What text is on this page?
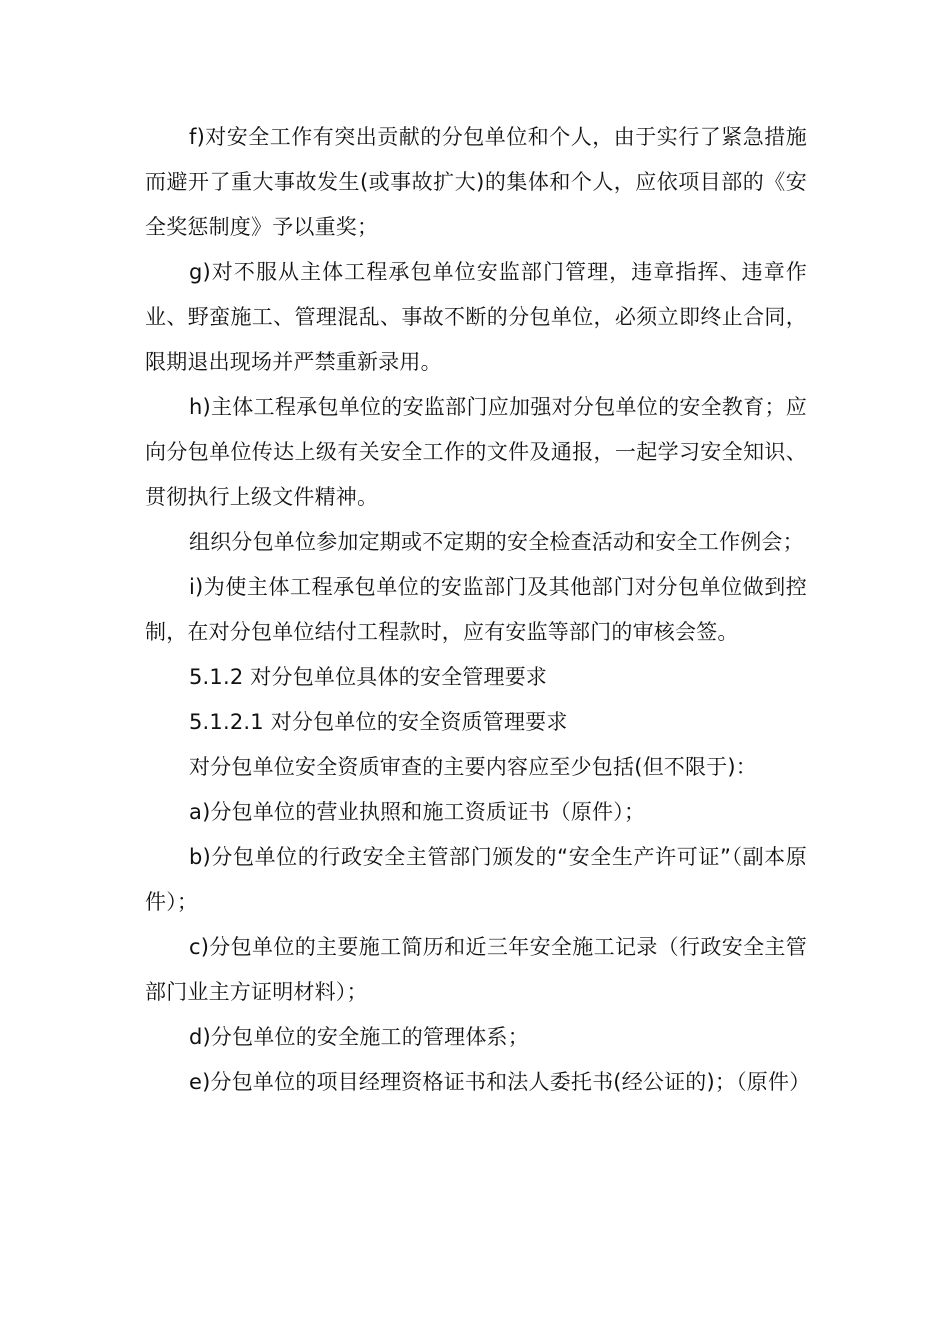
f)对安全工作有突出贡献的分包单位和个人，由于实行了紧急措施而避开了重大事故发生(或事故扩大)的集体和个人，应依项目部的《安全奖惩制度》予以重奖；

g)对不服从主体工程承包单位安监部门管理，违章指挥、违章作业、野蛮施工、管理混乱、事故不断的分包单位，必须立即终止合同，限期退出现场并严禁重新录用。

h)主体工程承包单位的安监部门应加强对分包单位的安全教育；应向分包单位传达上级有关安全工作的文件及通报，一起学习安全知识、贯彻执行上级文件精神。

组织分包单位参加定期或不定期的安全检查活动和安全工作例会；

i)为使主体工程承包单位的安监部门及其他部门对分包单位做到控制，在对分包单位结付工程款时，应有安监等部门的审核会签。

5.1.2 对分包单位具体的安全管理要求

5.1.2.1 对分包单位的安全资质管理要求

对分包单位安全资质审查的主要内容应至少包括(但不限于)：

a)分包单位的营业执照和施工资质证书（原件）；

b)分包单位的行政安全主管部门颁发的“安全生产许可证”（副本原件）；

c)分包单位的主要施工简历和近三年安全施工记录（行政安全主管部门业主方证明材料）；

d)分包单位的安全施工的管理体系；

e)分包单位的项目经理资格证书和法人委托书(经公证的)；（原件）
